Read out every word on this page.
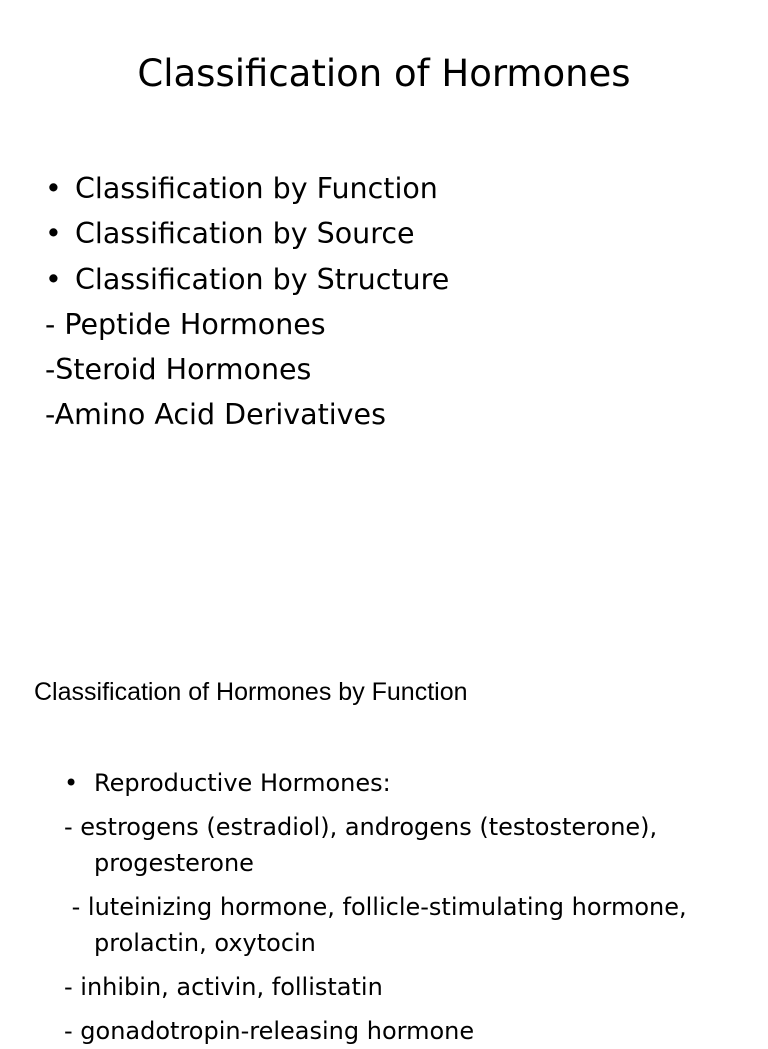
Classification of Hormones
• Classification by Function
• Classification by Source
• Classification by Structure
- Peptide Hormones
-Steroid Hormones
-Amino Acid Derivatives
Classification of Hormones by Function
• Reproductive Hormones:
- estrogens (estradiol), androgens (testosterone),
progesterone
- luteinizing hormone, follicle-stimulating hormone,
prolactin, oxytocin
- inhibin, activin, follistatin
- gonadotropin-releasing hormone
